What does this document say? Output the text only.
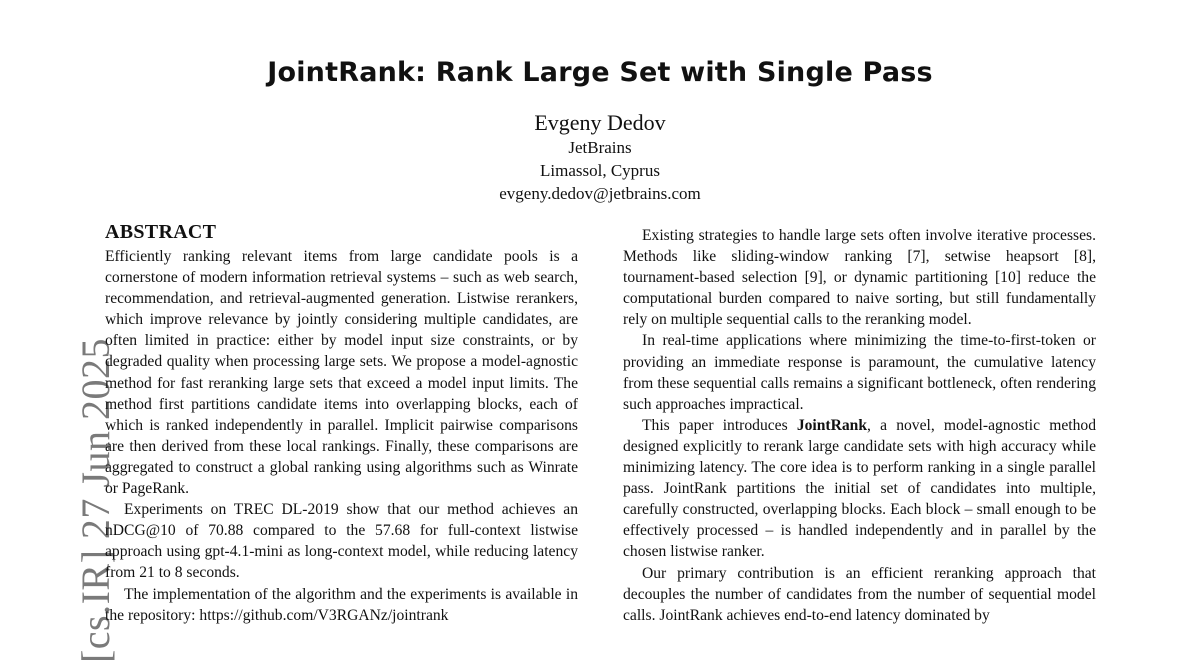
JointRank: Rank Large Set with Single Pass
Evgeny Dedov
JetBrains
Limassol, Cyprus
evgeny.dedov@jetbrains.com
[cs.IR] 27 Jun 2025
ABSTRACT

Efficiently ranking relevant items from large candidate pools is a cornerstone of modern information retrieval systems – such as web search, recommendation, and retrieval-augmented generation. Listwise rerankers, which improve relevance by jointly considering multiple candidates, are often limited in practice: either by model input size constraints, or by degraded quality when processing large sets. We propose a model-agnostic method for fast reranking large sets that exceed a model input limits. The method first partitions candidate items into overlapping blocks, each of which is ranked independently in parallel. Implicit pairwise comparisons are then derived from these local rankings. Finally, these comparisons are aggregated to construct a global ranking using algorithms such as Winrate or PageRank.

Experiments on TREC DL-2019 show that our method achieves an nDCG@10 of 70.88 compared to the 57.68 for full-context listwise approach using gpt-4.1-mini as long-context model, while reducing latency from 21 to 8 seconds.

The implementation of the algorithm and the experiments is available in the repository: https://github.com/V3RGANz/jointrank

Existing strategies to handle large sets often involve iterative processes. Methods like sliding-window ranking [7], setwise heapsort [8], tournament-based selection [9], or dynamic partitioning [10] reduce the computational burden compared to naive sorting, but still fundamentally rely on multiple sequential calls to the reranking model.

In real-time applications where minimizing the time-to-first-token or providing an immediate response is paramount, the cumulative latency from these sequential calls remains a significant bottleneck, often rendering such approaches impractical.

This paper introduces JointRank, a novel, model-agnostic method designed explicitly to rerank large candidate sets with high accuracy while minimizing latency. The core idea is to perform ranking in a single parallel pass. JointRank partitions the initial set of candidates into multiple, carefully constructed, overlapping blocks. Each block – small enough to be effectively processed – is handled independently and in parallel by the chosen listwise ranker.

Our primary contribution is an efficient reranking approach that decouples the number of candidates from the number of sequential model calls. JointRank achieves end-to-end latency dominated by
